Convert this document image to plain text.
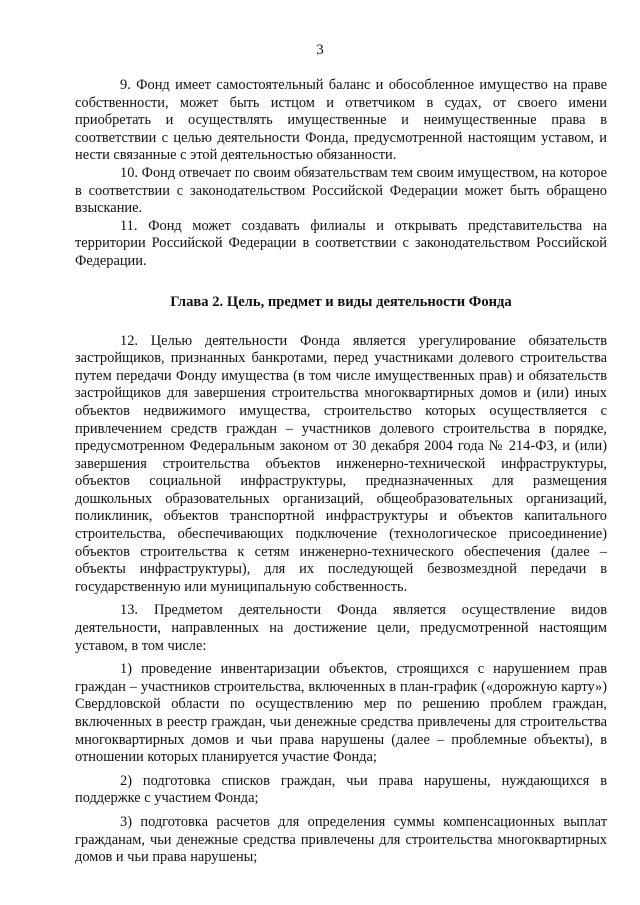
3

9. Фонд имеет самостоятельный баланс и обособленное имущество на праве собственности, может быть истцом и ответчиком в судах, от своего имени приобретать и осуществлять имущественные и неимущественные права в соответствии с целью деятельности Фонда, предусмотренной настоящим уставом, и нести связанные с этой деятельностью обязанности.

10. Фонд отвечает по своим обязательствам тем своим имуществом, на которое в соответствии с законодательством Российской Федерации может быть обращено взыскание.

11. Фонд может создавать филиалы и открывать представительства на территории Российской Федерации в соответствии с законодательством Российской Федерации.

Глава 2. Цель, предмет и виды деятельности Фонда

12. Целью деятельности Фонда является урегулирование обязательств застройщиков, признанных банкротами, перед участниками долевого строительства путем передачи Фонду имущества (в том числе имущественных прав) и обязательств застройщиков для завершения строительства многоквартирных домов и (или) иных объектов недвижимого имущества, строительство которых осуществляется с привлечением средств граждан – участников долевого строительства в порядке, предусмотренном Федеральным законом от 30 декабря 2004 года № 214-ФЗ, и (или) завершения строительства объектов инженерно-технической инфраструктуры, объектов социальной инфраструктуры, предназначенных для размещения дошкольных образовательных организаций, общеобразовательных организаций, поликлиник, объектов транспортной инфраструктуры и объектов капитального строительства, обеспечивающих подключение (технологическое присоединение) объектов строительства к сетям инженерно-технического обеспечения (далее – объекты инфраструктуры), для их последующей безвозмездной передачи в государственную или муниципальную собственность.

13. Предметом деятельности Фонда является осуществление видов деятельности, направленных на достижение цели, предусмотренной настоящим уставом, в том числе:

1) проведение инвентаризации объектов, строящихся с нарушением прав граждан – участников строительства, включенных в план-график («дорожную карту») Свердловской области по осуществлению мер по решению проблем граждан, включенных в реестр граждан, чьи денежные средства привлечены для строительства многоквартирных домов и чьи права нарушены (далее – проблемные объекты), в отношении которых планируется участие Фонда;

2) подготовка списков граждан, чьи права нарушены, нуждающихся в поддержке с участием Фонда;

3) подготовка расчетов для определения суммы компенсационных выплат гражданам, чьи денежные средства привлечены для строительства многоквартирных домов и чьи права нарушены;
